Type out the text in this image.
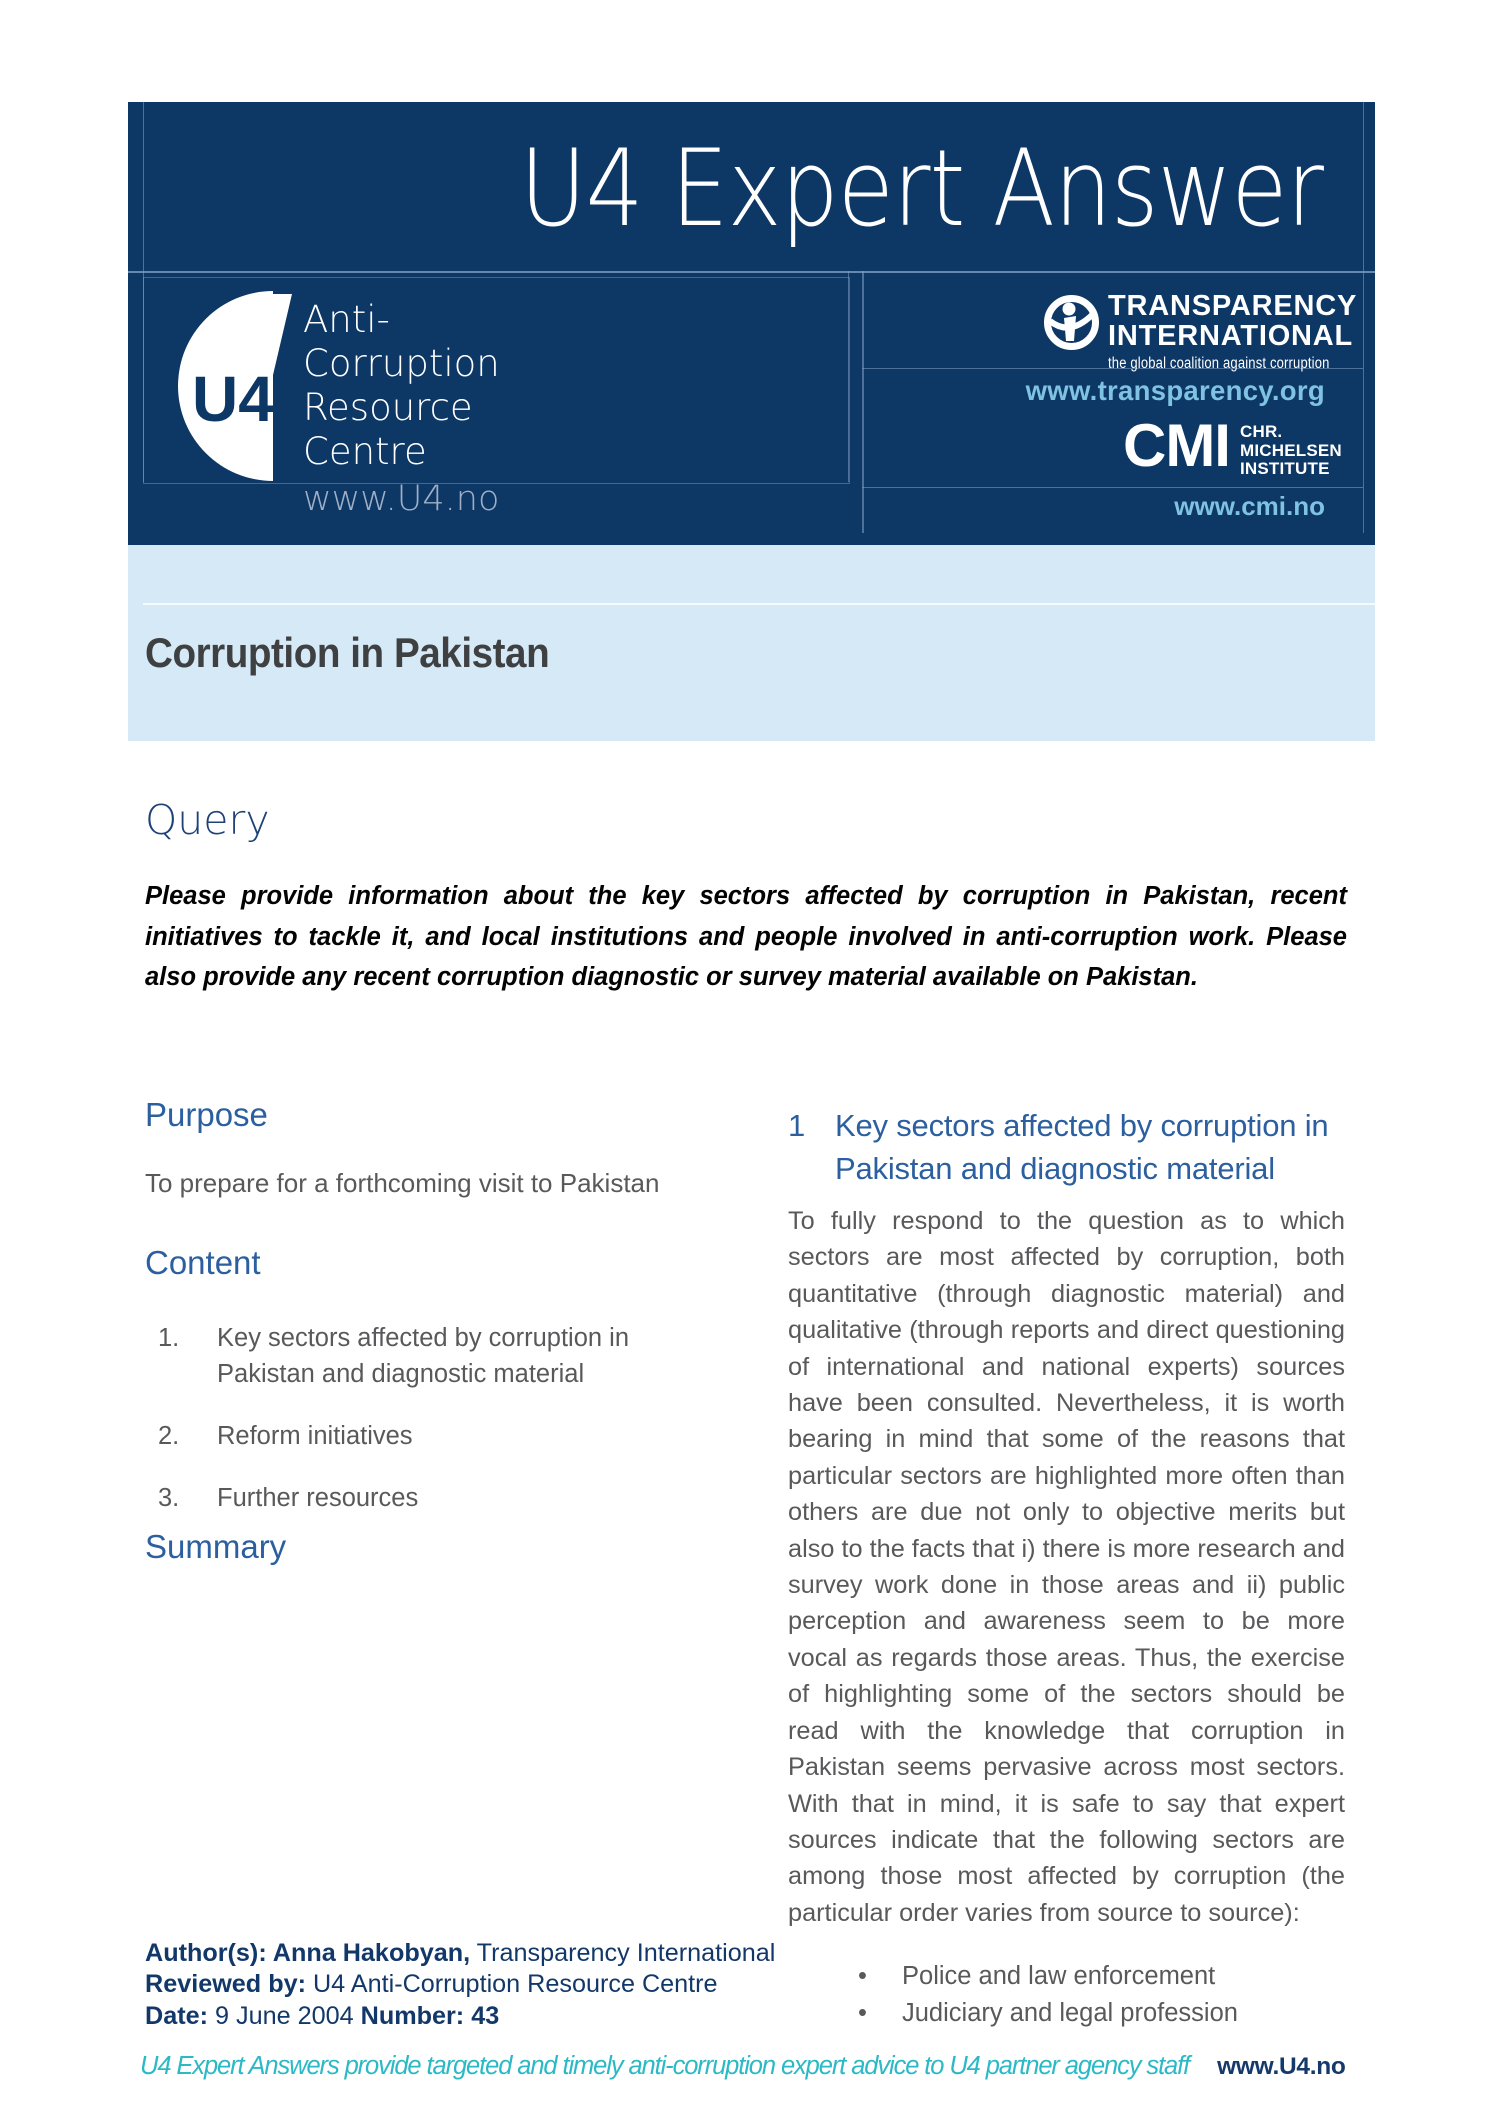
U4 Expert Answer
U4
Anti-
Corruption
Resource
Centre
www.U4.no
TRANSPARENCY
INTERNATIONAL
the global coalition against corruption
www.transparency.org
CMI CHR.
MICHELSEN
INSTITUTE
www.cmi.no
Corruption in Pakistan
Query
Please provide information about the key sectors affected by corruption in Pakistan, recent initiatives to tackle it, and local institutions and people involved in anti-corruption work. Please also provide any recent corruption diagnostic or survey material available on Pakistan.
Purpose
To prepare for a forthcoming visit to Pakistan
Content
1.	Key sectors affected by corruption in Pakistan and diagnostic material
2.	Reform initiatives
3.	Further resources
Summary
1 Key sectors affected by corruption in Pakistan and diagnostic material
To fully respond to the question as to which sectors are most affected by corruption, both quantitative (through diagnostic material) and qualitative (through reports and direct questioning of international and national experts) sources have been consulted. Nevertheless, it is worth bearing in mind that some of the reasons that particular sectors are highlighted more often than others are due not only to objective merits but also to the facts that i) there is more research and survey work done in those areas and ii) public perception and awareness seem to be more vocal as regards those areas. Thus, the exercise of highlighting some of the sectors should be read with the knowledge that corruption in Pakistan seems pervasive across most sectors. With that in mind, it is safe to say that expert sources indicate that the following sectors are among those most affected by corruption (the particular order varies from source to source):
•	Police and law enforcement
•	Judiciary and legal profession
Author(s): Anna Hakobyan, Transparency International
Reviewed by: U4 Anti-Corruption Resource Centre
Date: 9 June 2004 Number: 43
U4 Expert Answers provide targeted and timely anti-corruption expert advice to U4 partner agency staff www.U4.no
